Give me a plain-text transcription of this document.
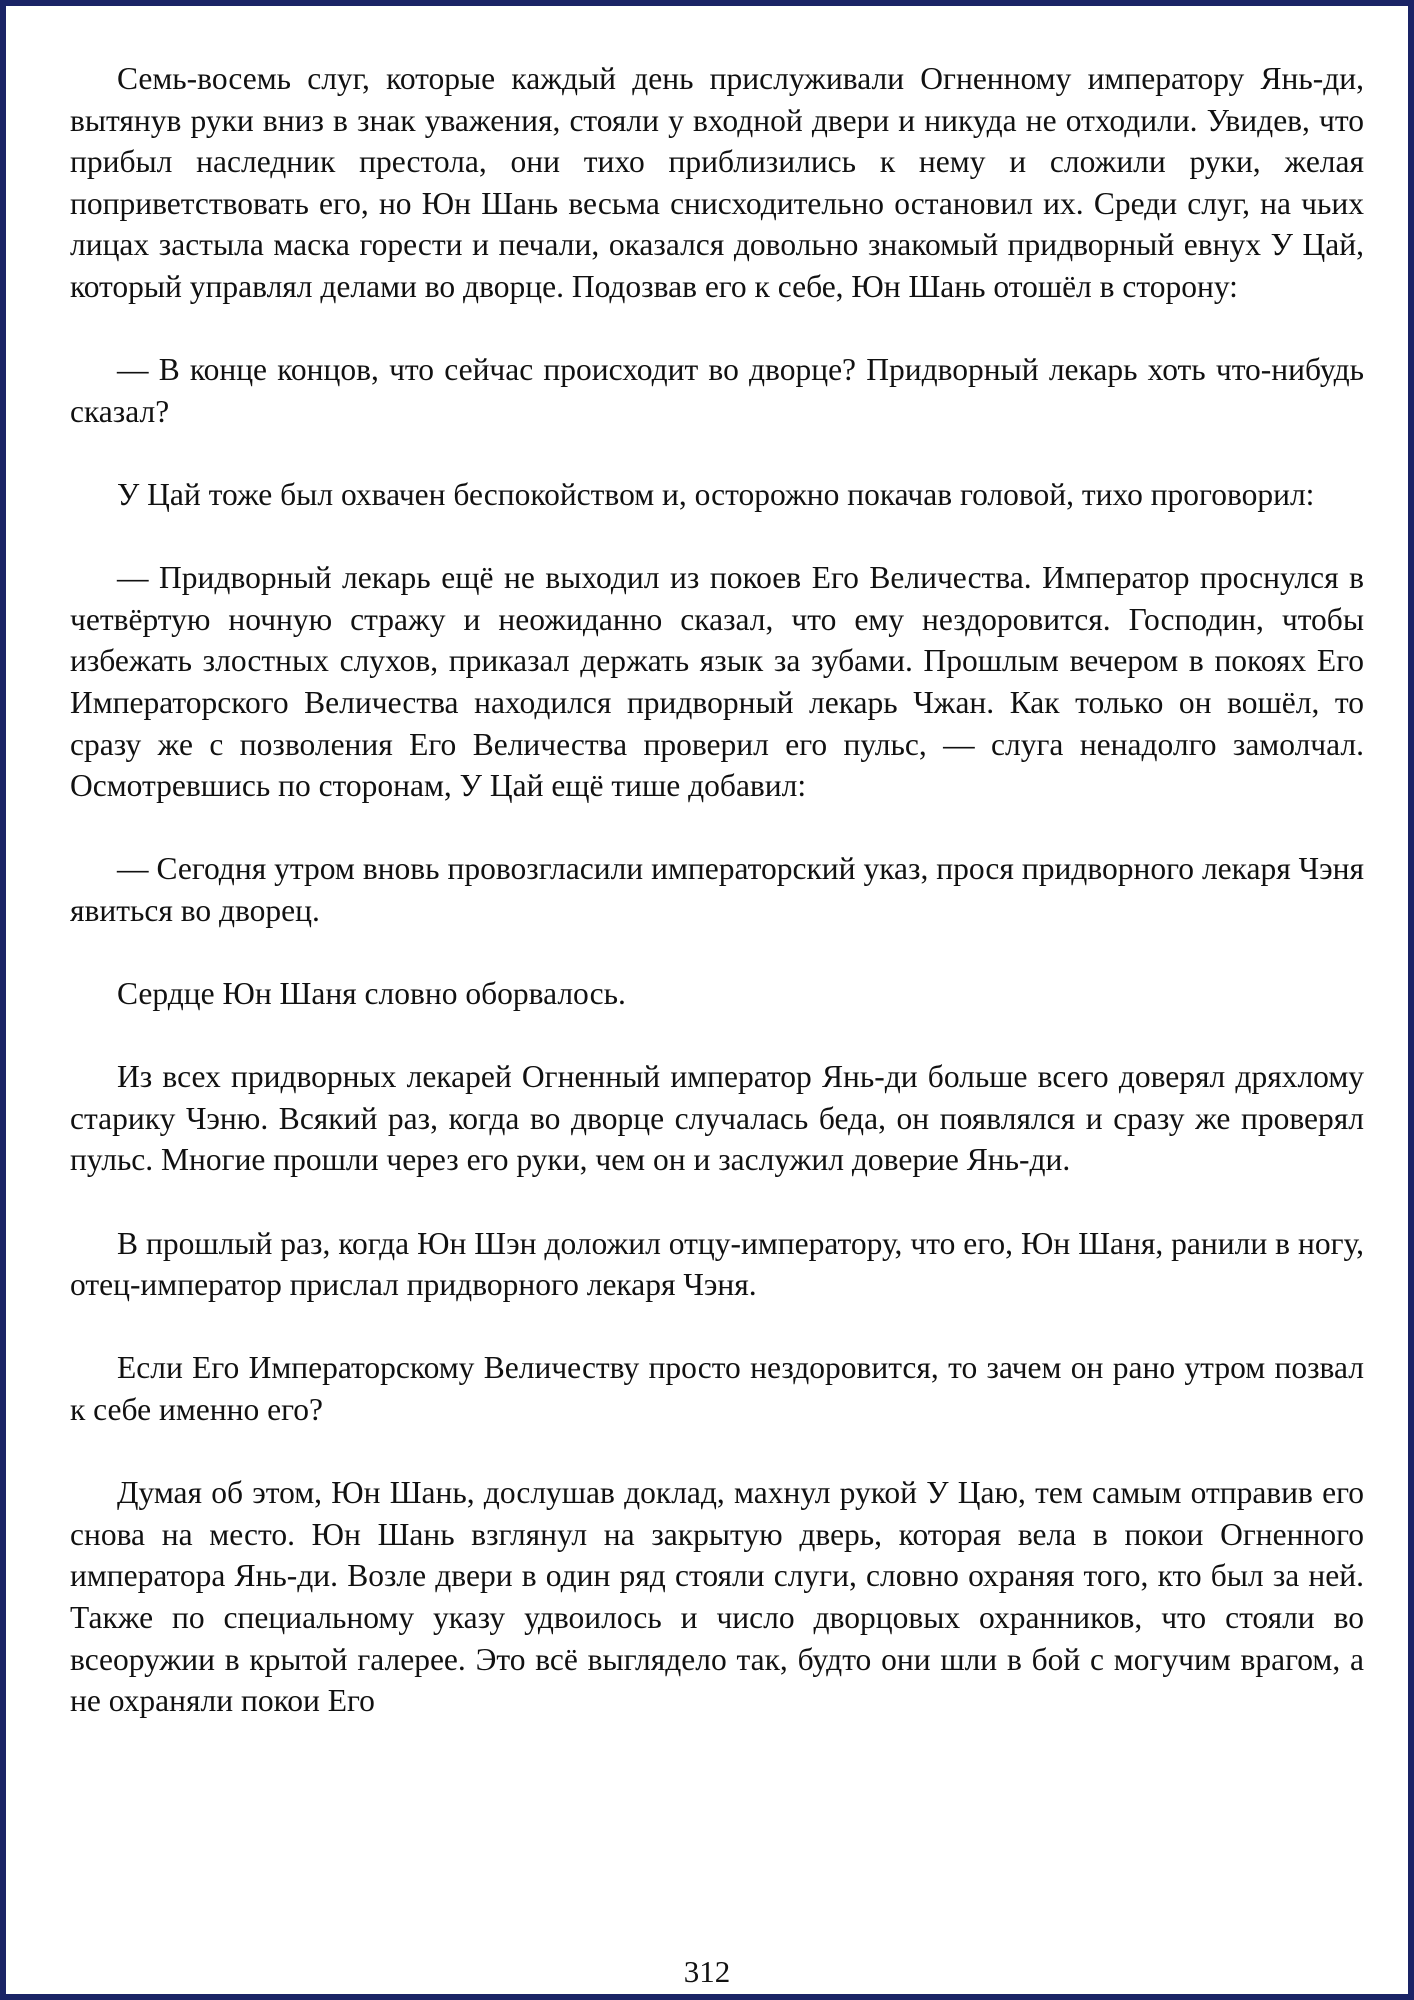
Семь-восемь слуг, которые каждый день прислуживали Огненному императору Янь-ди, вытянув руки вниз в знак уважения, стояли у входной двери и никуда не отходили. Увидев, что прибыл наследник престола, они тихо приблизились к нему и сложили руки, желая поприветствовать его, но Юн Шань весьма снисходительно остановил их. Среди слуг, на чьих лицах застыла маска горести и печали, оказался довольно знакомый придворный евнух У Цай, который управлял делами во дворце. Подозвав его к себе, Юн Шань отошёл в сторону:

— В конце концов, что сейчас происходит во дворце? Придворный лекарь хоть что-нибудь сказал?

У Цай тоже был охвачен беспокойством и, осторожно покачав головой, тихо проговорил:

— Придворный лекарь ещё не выходил из покоев Его Величества. Император проснулся в четвёртую ночную стражу и неожиданно сказал, что ему нездоровится. Господин, чтобы избежать злостных слухов, приказал держать язык за зубами. Прошлым вечером в покоях Его Императорского Величества находился придворный лекарь Чжан. Как только он вошёл, то сразу же с позволения Его Величества проверил его пульс, — слуга ненадолго замолчал. Осмотревшись по сторонам, У Цай ещё тише добавил:

— Сегодня утром вновь провозгласили императорский указ, прося придворного лекаря Чэня явиться во дворец.

Сердце Юн Шаня словно оборвалось.

Из всех придворных лекарей Огненный император Янь-ди больше всего доверял дряхлому старику Чэню. Всякий раз, когда во дворце случалась беда, он появлялся и сразу же проверял пульс. Многие прошли через его руки, чем он и заслужил доверие Янь-ди.

В прошлый раз, когда Юн Шэн доложил отцу-императору, что его, Юн Шаня, ранили в ногу, отец-император прислал придворного лекаря Чэня.

Если Его Императорскому Величеству просто нездоровится, то зачем он рано утром позвал к себе именно его?

Думая об этом, Юн Шань, дослушав доклад, махнул рукой У Цаю, тем самым отправив его снова на место. Юн Шань взглянул на закрытую дверь, которая вела в покои Огненного императора Янь-ди. Возле двери в один ряд стояли слуги, словно охраняя того, кто был за ней. Также по специальному указу удвоилось и число дворцовых охранников, что стояли во всеоружии в крытой галерее. Это всё выглядело так, будто они шли в бой с могучим врагом, а не охраняли покои Его

312
